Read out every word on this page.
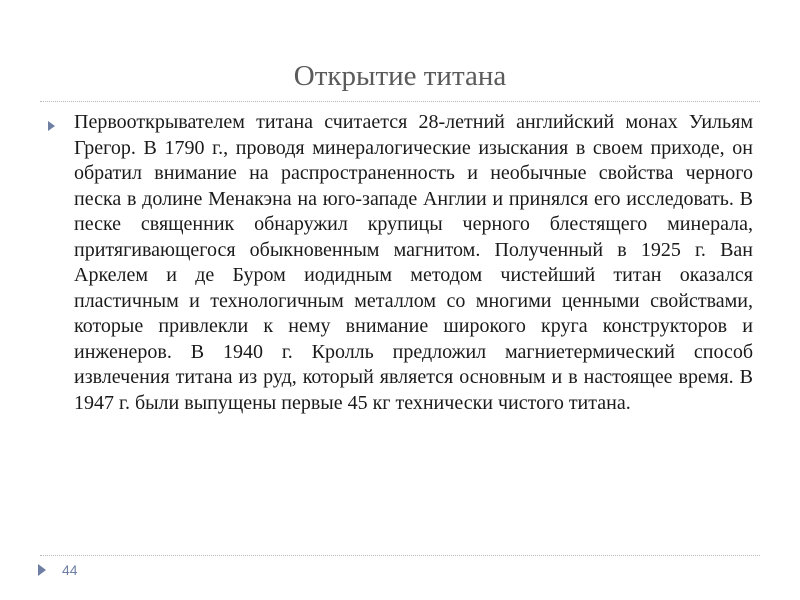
Открытие титана

Первооткрывателем титана считается 28-летний английский монах Уильям Грегор. В 1790 г., проводя минералогические изыскания в своем приходе, он обратил внимание на распространенность и необычные свойства черного песка в долине Менакэна на юго-западе Англии и принялся его исследовать. В песке священник обнаружил крупицы черного блестящего минерала, притягивающегося обыкновенным магнитом. Полученный в 1925 г. Ван Аркелем и де Буром иодидным методом чистейший титан оказался пластичным и технологичным металлом со многими ценными свойствами, которые привлекли к нему внимание широкого круга конструкторов и инженеров. В 1940 г. Кролль предложил магниетермический способ извлечения титана из руд, который является основным и в настоящее время. В 1947 г. были выпущены первые 45 кг технически чистого титана.

44
